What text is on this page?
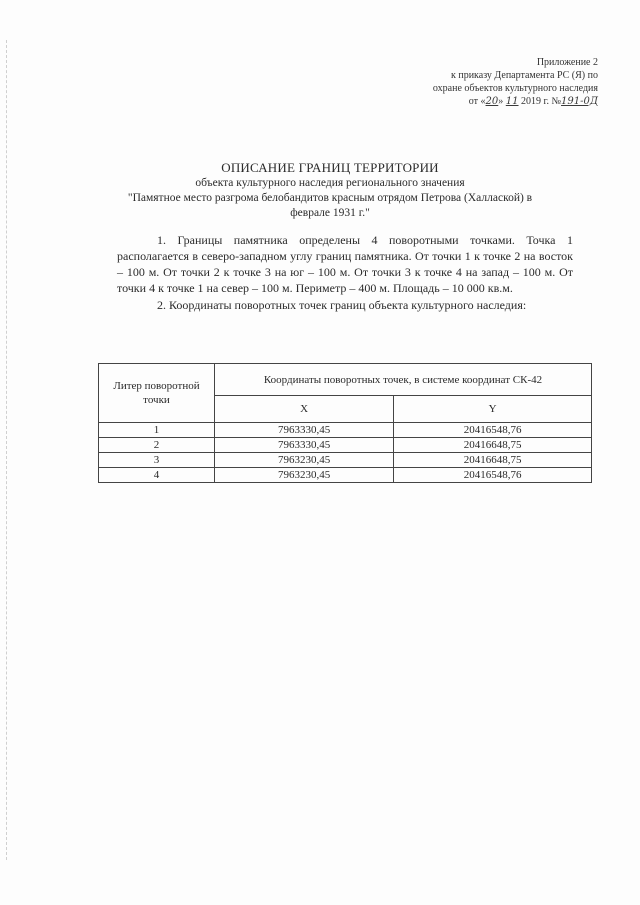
Приложение 2
к приказу Департамента РС (Я) по
охране объектов культурного наследия
от «20» 11 2019 г. №191-0Д
ОПИСАНИЕ ГРАНИЦ ТЕРРИТОРИИ
объекта культурного наследия регионального значения
"Памятное место разгрома белобандитов красным отрядом Петрова (Халлаской) в
феврале 1931 г."

1. Границы памятника определены 4 поворотными точками. Точка 1 располагается в северо-западном углу границ памятника. От точки 1 к точке 2 на восток – 100 м. От точки 2 к точке 3 на юг – 100 м. От точки 3 к точке 4 на запад – 100 м. От точки 4 к точке 1 на север – 100 м. Периметр – 400 м. Площадь – 10 000 кв.м.

2. Координаты поворотных точек границ объекта культурного наследия:

Литер поворотной точки	Координаты поворотных точек, в системе координат СК-42	
	X	Y
1	7963330,45	20416548,76
2	7963330,45	20416648,75
3	7963230,45	20416648,75
4	7963230,45	20416548,76
